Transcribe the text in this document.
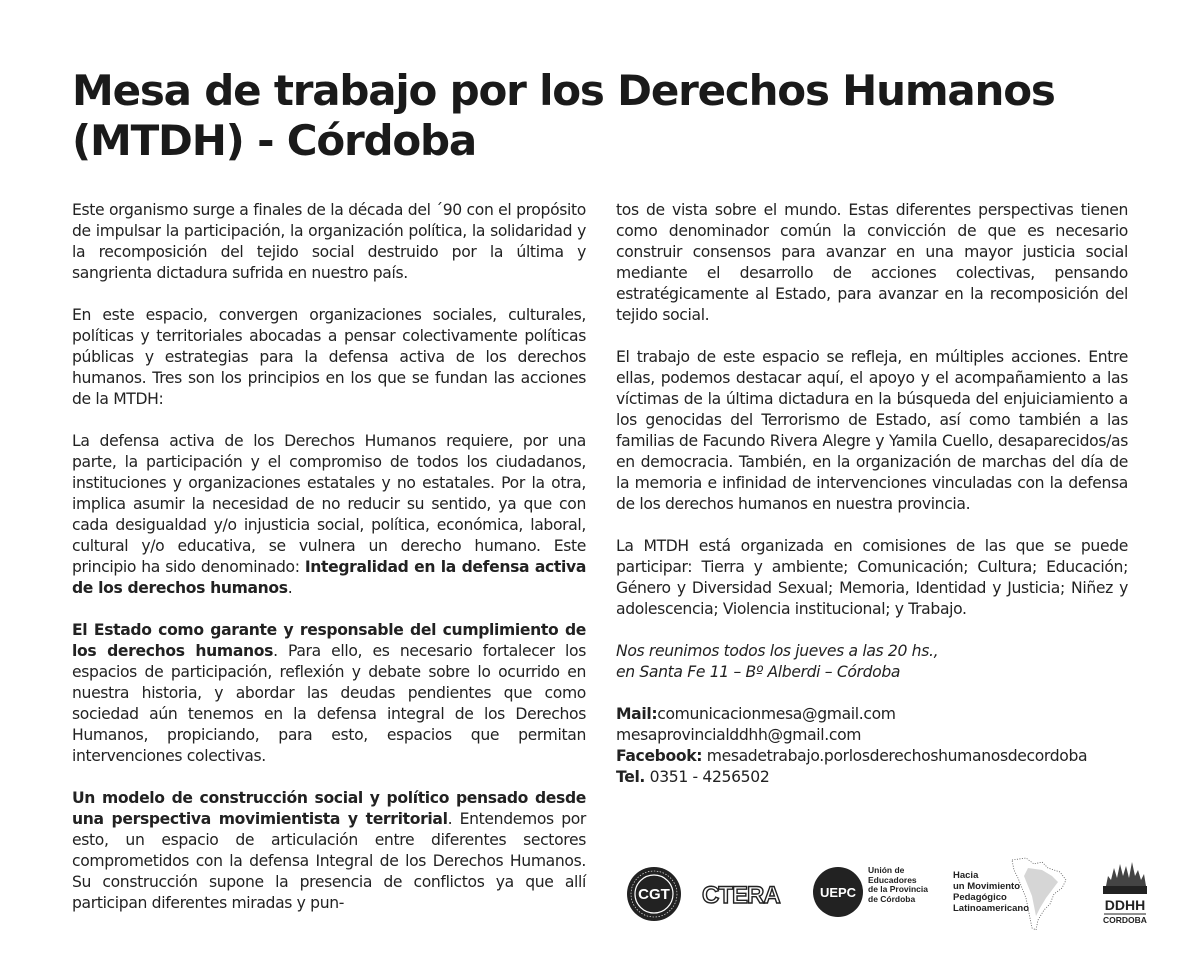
Mesa de trabajo por los Derechos Humanos
(MTDH) - Córdoba

Este organismo surge a finales de la década del ´90 con el propósito de impulsar la participación, la organización política, la solidaridad y la recomposición del tejido social destruido por la última y sangrienta dictadura sufrida en nuestro país.

En este espacio, convergen organizaciones sociales, culturales, políticas y territoriales abocadas a pensar colectivamente políticas públicas y estrategias para la defensa activa de los derechos humanos. Tres son los principios en los que se fundan las acciones de la MTDH:

La defensa activa de los Derechos Humanos requiere, por una parte, la participación y el compromiso de todos los ciudadanos, instituciones y organizaciones estatales y no estatales. Por la otra, implica asumir la necesidad de no reducir su sentido, ya que con cada desigualdad y/o injusticia social, política, económica, laboral, cultural y/o educativa, se vulnera un derecho humano. Este principio ha sido denominado: Integralidad en la defensa activa de los derechos humanos.

El Estado como garante y responsable del cumplimiento de los derechos humanos. Para ello, es necesario fortalecer los espacios de participación, reflexión y debate sobre lo ocurrido en nuestra historia, y abordar las deudas pendientes que como sociedad aún tenemos en la defensa integral de los Derechos Humanos, propiciando, para esto, espacios que permitan intervenciones colectivas.

Un modelo de construcción social y político pensado desde una perspectiva movimientista y territorial. Entendemos por esto, un espacio de articulación entre diferentes sectores comprometidos con la defensa Integral de los Derechos Humanos. Su construcción supone la presencia de conflictos ya que allí participan diferentes miradas y pun-

tos de vista sobre el mundo. Estas diferentes perspectivas tienen como denominador común la convicción de que es necesario construir consensos para avanzar en una mayor justicia social mediante el desarrollo de acciones colectivas, pensando estratégicamente al Estado, para avanzar en la recomposición del tejido social.

El trabajo de este espacio se refleja, en múltiples acciones. Entre ellas, podemos destacar aquí, el apoyo y el acompañamiento a las víctimas de la última dictadura en la búsqueda del enjuiciamiento a los genocidas del Terrorismo de Estado, así como también a las familias de Facundo Rivera Alegre y Yamila Cuello, desaparecidos/as en democracia. También, en la organización de marchas del día de la memoria e infinidad de intervenciones vinculadas con la defensa de los derechos humanos en nuestra provincia.

La MTDH está organizada en comisiones de las que se puede participar: Tierra y ambiente; Comunicación; Cultura; Educación; Género y Diversidad Sexual; Memoria, Identidad y Justicia; Niñez y adolescencia; Violencia institucional; y Trabajo.

Nos reunimos todos los jueves a las 20 hs.,
en Santa Fe 11 – Bº Alberdi – Córdoba

Mail:comunicacionmesa@gmail.com
mesaprovincialddhh@gmail.com
Facebook: mesadetrabajo.porlosderechoshumanosdecordoba
Tel. 0351 - 4256502
CGT CTERA	UEPC
Unión de
Educadores
de la Provincia
de Córdoba
Hacia
un Movimiento
Pedagógico
Latinoamericano	DDHH
CORDOBA
